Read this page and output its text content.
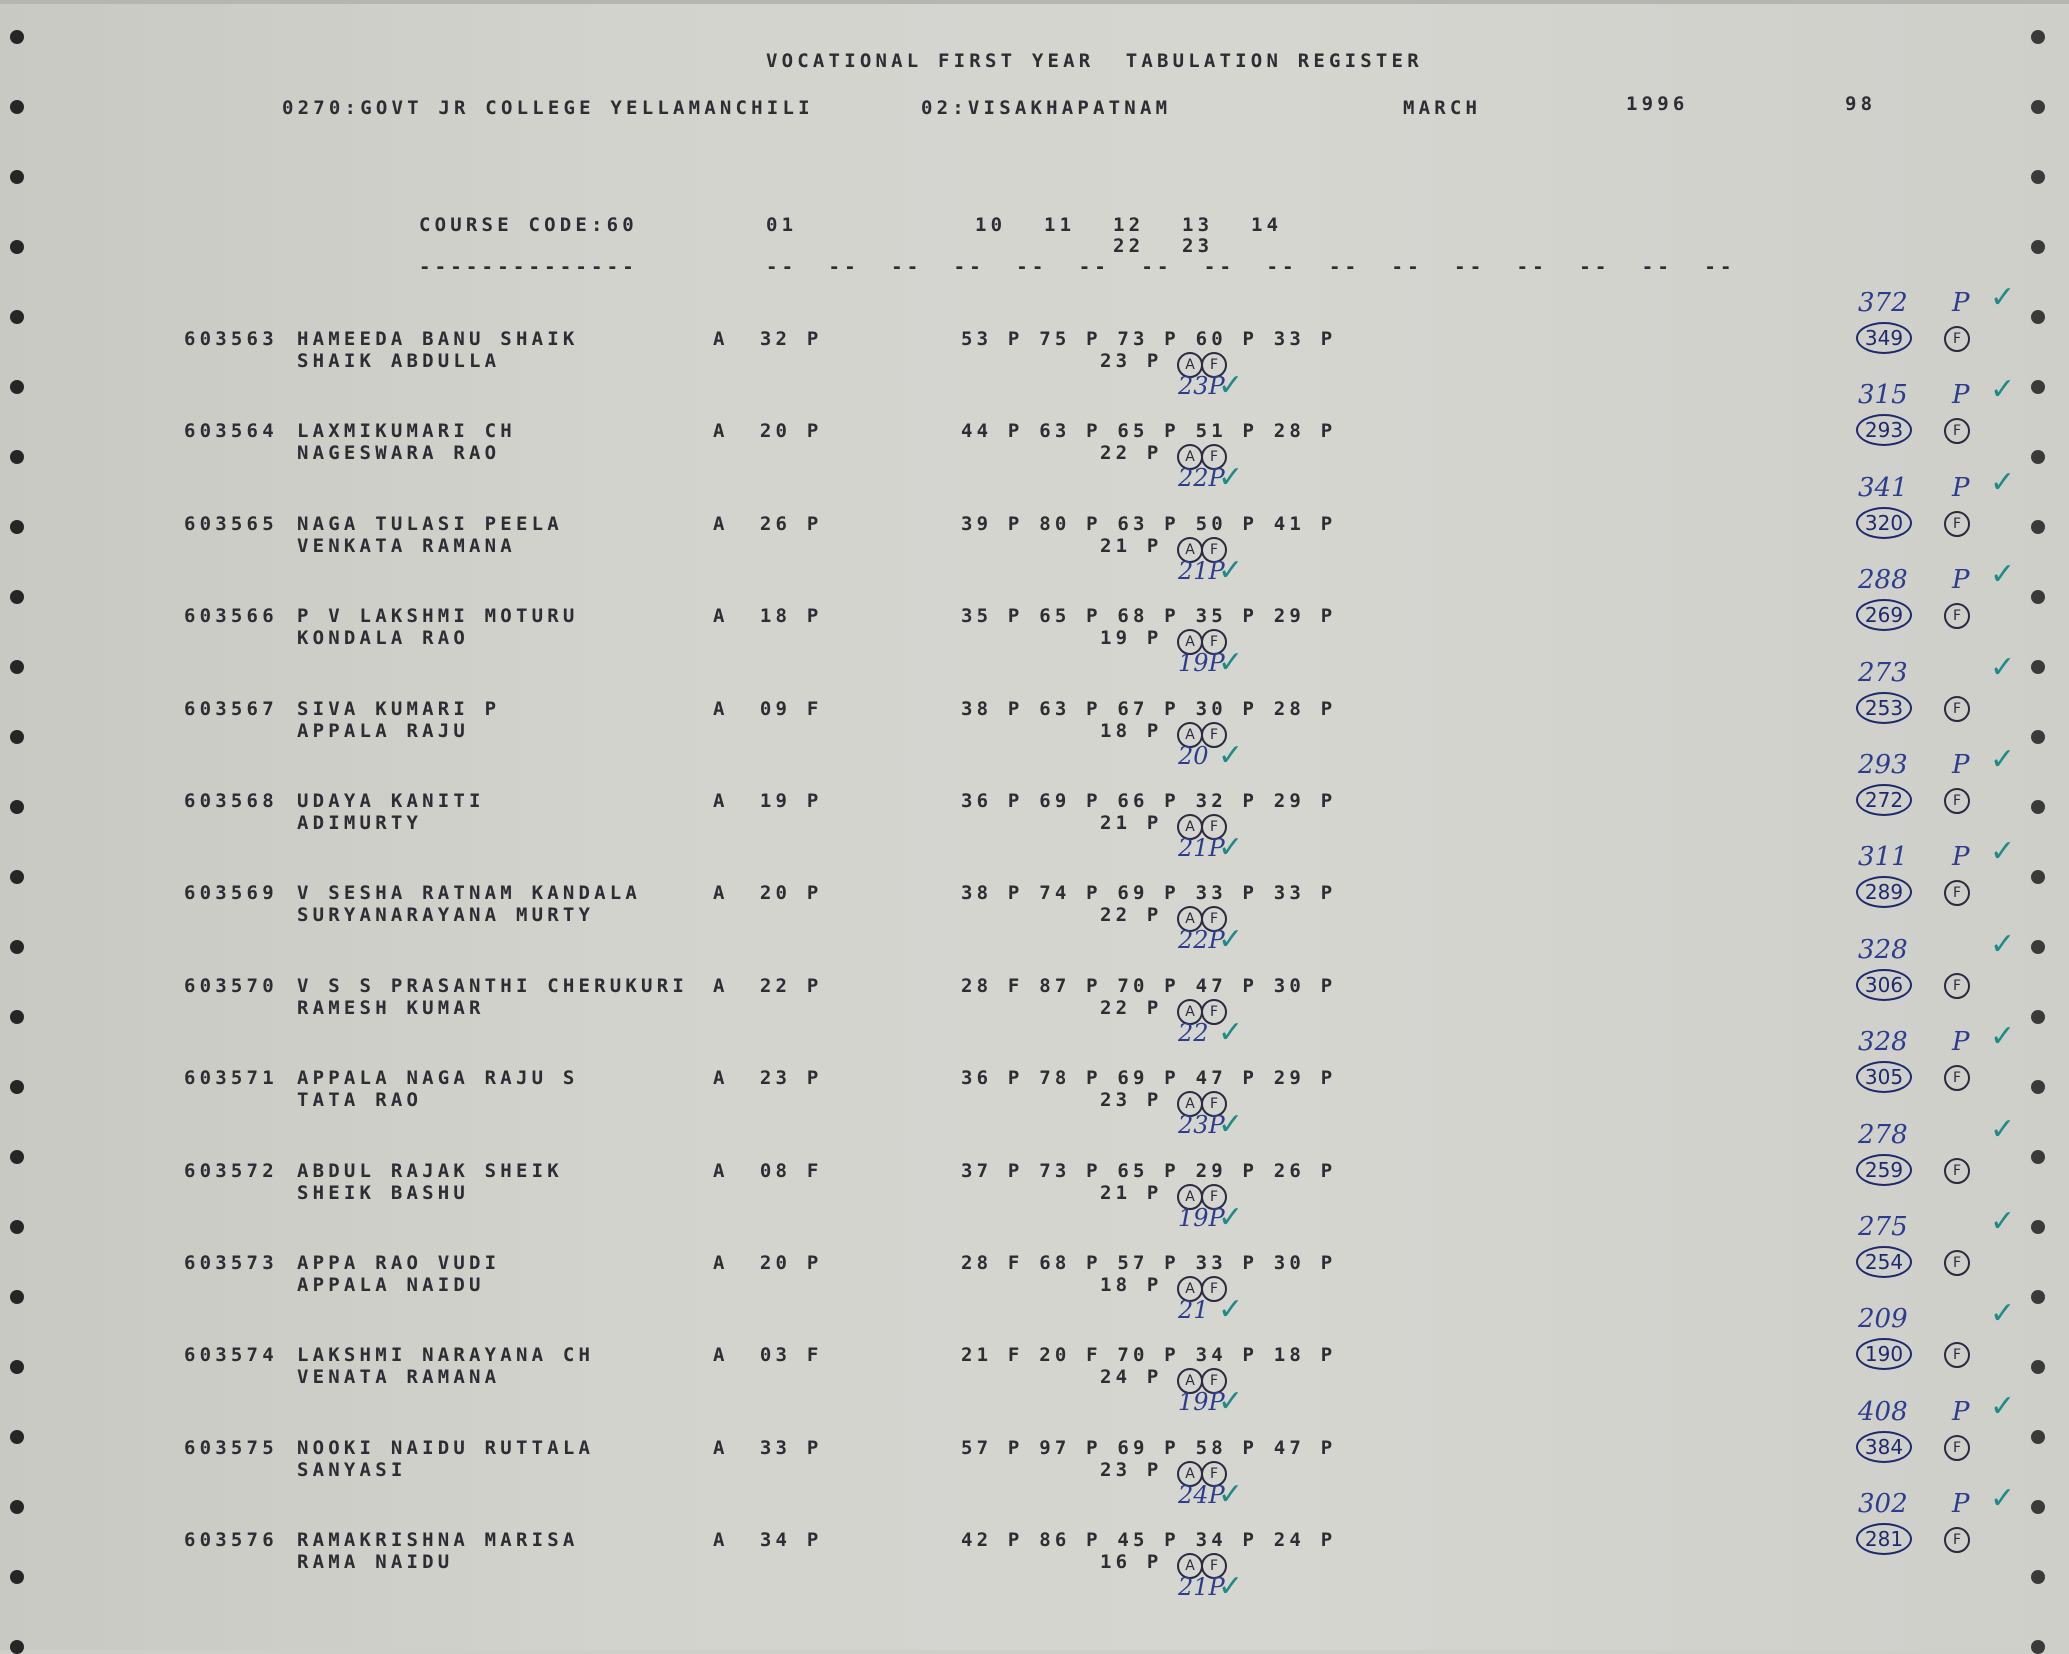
VOCATIONAL FIRST YEAR  TABULATION REGISTER
0270:GOVT JR COLLEGE YELLAMANCHILI	02:VISAKHAPATNAM	MARCH	1996	98
COURSE CODE:60
--------------
01	10 11 12 13 14
22 23
--  --  --  --  --  --  --  --  --  --  --  --  --  --  --  --
603563 HAMEEDA BANU SHAIK
SHAIK ABDULLA
A  32 P	53 P 75 P 73 P 60 P 33 P
23 P	A	F
23P
✓
372 P ✓
349	F
603564 LAXMIKUMARI CH
NAGESWARA RAO
A  20 P	44 P 63 P 65 P 51 P 28 P
22 P	A	F
22P
✓
315 P ✓
293	F
603565 NAGA TULASI PEELA
VENKATA RAMANA
A  26 P	39 P 80 P 63 P 50 P 41 P
21 P	A	F
21P
✓
341 P ✓
320	F
603566 P V LAKSHMI MOTURU
KONDALA RAO
A  18 P	35 P 65 P 68 P 35 P 29 P
19 P	A	F
19P
✓
288 P ✓
269	F
603567 SIVA KUMARI P
APPALA RAJU
A  09 F	38 P 63 P 67 P 30 P 28 P
18 P	A	F
20 ✓
273	✓
253	F
603568 UDAYA KANITI
ADIMURTY
A  19 P	36 P 69 P 66 P 32 P 29 P
21 P	A	F
21P
✓
293 P ✓
272	F
603569 V SESHA RATNAM KANDALA
SURYANARAYANA MURTY
A  20 P	38 P 74 P 69 P 33 P 33 P
22 P	A	F
22P
✓
311 P ✓
289	F
603570 V S S PRASANTHI CHERUKURI
RAMESH KUMAR
A  22 P	28 F 87 P 70 P 47 P 30 P
22 P	A	F
22 ✓
328	✓
306	F
603571 APPALA NAGA RAJU S
TATA RAO
A  23 P	36 P 78 P 69 P 47 P 29 P
23 P	A	F
23P
✓
328 P ✓
305	F
603572 ABDUL RAJAK SHEIK
SHEIK BASHU
A  08 F	37 P 73 P 65 P 29 P 26 P
21 P	A	F
19P
✓
278	✓
259	F
603573 APPA RAO VUDI
APPALA NAIDU
A  20 P	28 F 68 P 57 P 33 P 30 P
18 P	A	F
21 ✓
275	✓
254	F
603574 LAKSHMI NARAYANA CH
VENATA RAMANA
A  03 F	21 F 20 F 70 P 34 P 18 P
24 P	A	F
19P
✓
209	✓
190	F
603575 NOOKI NAIDU RUTTALA
SANYASI
A  33 P	57 P 97 P 69 P 58 P 47 P
23 P	A	F
24P
✓
408 P ✓
384	F
603576 RAMAKRISHNA MARISA
RAMA NAIDU
A  34 P	42 P 86 P 45 P 34 P 24 P
16 P	A	F
21P
✓
302 P ✓
281	F
